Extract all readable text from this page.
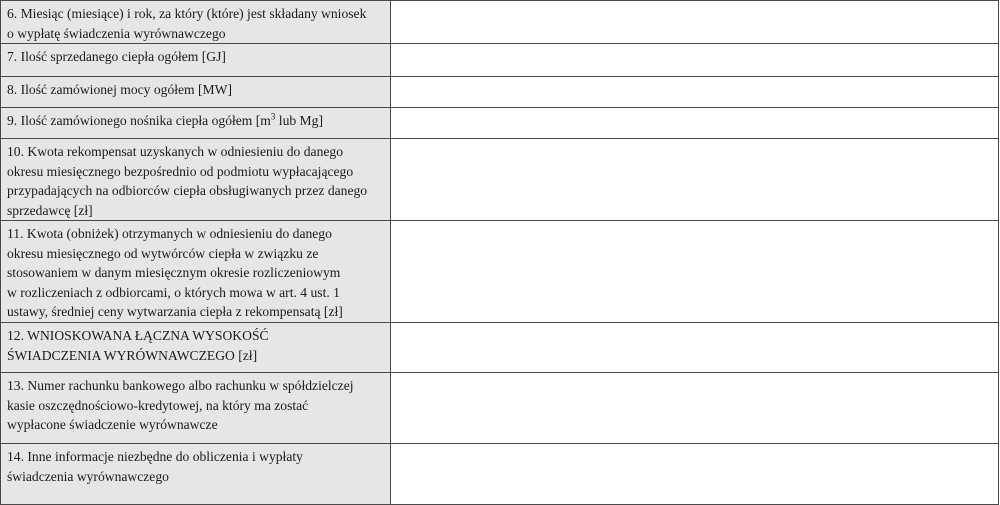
6. Miesiąc (miesiące) i rok, za który (które) jest składany wniosek
o wypłatę świadczenia wyrównawczego	
7. Ilość sprzedanego ciepła ogółem [GJ]	
8. Ilość zamówionej mocy ogółem [MW]	
9. Ilość zamówionego nośnika ciepła ogółem [$m^3$ lub Mg]	
10. Kwota rekompensat uzyskanych w odniesieniu do danego
okresu miesięcznego bezpośrednio od podmiotu wypłacającego
przypadających na odbiorców ciepła obsługiwanych przez danego
sprzedawcę [zł]	
11. Kwota (obniżek) otrzymanych w odniesieniu do danego
okresu miesięcznego od wytwórców ciepła w związku ze
stosowaniem w danym miesięcznym okresie rozliczeniowym
w rozliczeniach z odbiorcami, o których mowa w art. 4 ust. 1
ustawy, średniej ceny wytwarzania ciepła z rekompensatą [zł]	
12. WNIOSKOWANA ŁĄCZNA WYSOKOŚĆ
ŚWIADCZENIA WYRÓWNAWCZEGO [zł]	
13. Numer rachunku bankowego albo rachunku w spółdzielczej
kasie oszczędnościowo-kredytowej, na który ma zostać
wypłacone świadczenie wyrównawcze	
14. Inne informacje niezbędne do obliczenia i wypłaty
świadczenia wyrównawczego	
